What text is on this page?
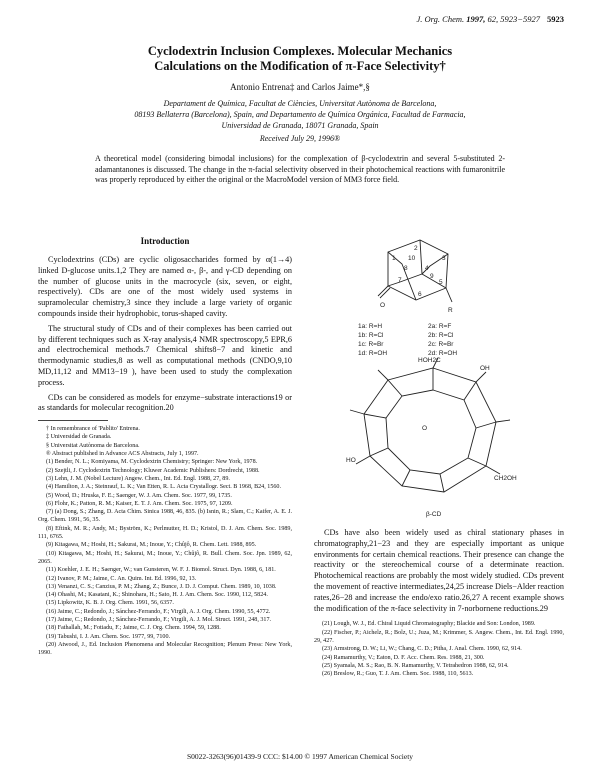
J. Org. Chem. 1997, 62, 5923−5927 5923
Cyclodextrin Inclusion Complexes. Molecular Mechanics
Calculations on the Modification of π-Face Selectivity†
Antonio Entrena‡ and Carlos Jaime*,§
Departament de Química, Facultat de Ciències, Universitat Autònoma de Barcelona,
08193 Bellaterra (Barcelona), Spain, and Departamento de Química Orgánica, Facultad de Farmacia,
Universidad de Granada, 18071 Granada, Spain
Received July 29, 1996®
A theoretical model (considering bimodal inclusions) for the complexation of β-cyclodextrin and several 5-substituted 2-adamantanones is discussed. The change in the π-facial selectivity observed in their photochemical reactions with fumaronitrile was properly reproduced by either the original or the MacroModel version of MM3 force field.
Introduction

Cyclodextrins (CDs) are cyclic oligosaccharides formed by α(1→4) linked D-glucose units.1,2 They are named α-, β-, and γ-CD depending on the number of glucose units in the macrocycle (six, seven, or eight, respectively). CDs are one of the most widely used systems in supramolecular chemistry,3 since they include a large variety of organic compounds inside their hydrophobic, torus-shaped cavity.

The structural study of CDs and of their complexes has been carried out by different techniques such as X-ray analysis,4 NMR spectroscopy,5 EPR,6 and electrochemical methods.7 Chemical shifts8−7 and kinetic and thermodynamic studies,8 as well as computational methods (CNDO,9,10 MD,11,12 and MM13−19 ), have been used to study the complexation process.

CDs can be considered as models for enzyme−substrate interactions19 or as standards for molecular recognition.20

† In remembrance of 'Pablito' Entrena.
‡ Universidad de Granada.
§ Universitat Autònoma de Barcelona.
® Abstract published in Advance ACS Abstracts, July 1, 1997.
(1) Bender, N. L.; Komiyama, M. Cyclodextrin Chemistry; Springer: New York, 1978.
(2) Szejtli, J. Cyclodextrin Technology; Kluwer Academic Publishers: Dordrecht, 1988.
(3) Lehn, J. M. (Nobel Lecture) Angew. Chem., Int. Ed. Engl. 1988, 27, 89.
(4) Hamilton, J. A.; Steinrauf, L. K.; Van Etten, R. L. Acta Crystallogr. Sect. B 1968, B24, 1560.
(5) Wood, D.; Hruska, F. E.; Saenger, W. J. Am. Chem. Soc. 1977, 99, 1735.
(6) Flohr, K.; Patton, R. M.; Kaiser, E. T. J. Am. Chem. Soc. 1975, 97, 1209.
(7) (a) Dong, S.; Zhang, D. Acta Chim. Sinica 1988, 46, 835. (b) Isnin, R.; Slam, C.; Kaifer, A. E. J. Org. Chem. 1991, 56, 35.
(8) Eftink, M. R.; Andy, M.; Byström, K.; Perlmutter, H. D.; Kristol, D. J. Am. Chem. Soc. 1989, 111, 6765.
(9) Kitagawa, M.; Hoshi, H.; Sakurai, M.; Inoue, Y.; Chûjô, R. Chem. Lett. 1988, 895.
(10) Kitagawa, M.; Hoshi, H.; Sakurai, M.; Inoue, Y.; Chûjô, R. Bull. Chem. Soc. Jpn. 1989, 62, 2065.
(11) Koehler, J. E. H.; Saenger, W.; van Gunsteren, W. F. J. Biomol. Struct. Dyn. 1988, 6, 181.
(12) Ivanov, P. M.; Jaime, C. An. Quim. Int. Ed. 1996, 92, 13.
(13) Venanzi, C. S.; Canzius, P. M.; Zhang, Z.; Bunce, J. D. J. Comput. Chem. 1989, 10, 1038.
(14) Ohashi, M.; Kasatani, K.; Shinohara, H.; Sato, H. J. Am. Chem. Soc. 1990, 112, 5824.
(15) Lipkowitz, K. B. J. Org. Chem. 1991, 56, 6357.
(16) Jaime, C.; Redondo, J.; Sánchez-Ferrando, F.; Virgili, A. J. Org. Chem. 1990, 55, 4772.
(17) Jaime, C.; Redondo, J.; Sánchez-Ferrando, F.; Virgili, A. J. Mol. Struct. 1991, 248, 317.
(18) Fathallah, M.; Fotiadu, F.; Jaime, C. J. Org. Chem. 1994, 59, 1288.
(19) Tabushi, I. J. Am. Chem. Soc. 1977, 99, 7100.
(20) Atwood, J., Ed. Inclusion Phenomena and Molecular Recognition; Plenum Press: New York, 1990.
O
R
1
2
3
4
5
6
7
8
9
10
1a: R=H	2a: R=F
1b: R=Cl	2b: R=Cl
1c: R=Br	2c: R=Br
1d: R=OH	2d: R=OH
HOH2C
OH
HO
CH2OH
O
β-CD

CDs have also been widely used as chiral stationary phases in chromatography,21−23 and they are especially important as unique environments for certain chemical reactions. Their presence can change the reactivity or the stereochemical course of a determinate reaction. Photochemical reactions are probably the most widely studied. CDs prevent the movement of reactive intermediates,24,25 increase Diels−Alder reaction rates,26−28 and increase the endo/exo ratio.26,27 A recent example shows the modification of the π-face selectivity in 7-norbornene reductions.29

(21) Lough, W. J., Ed. Chiral Liquid Chromatography; Blackie and Son: London, 1989.
(22) Fischer, P.; Aichelz, R.; Bolz, U.; Juza, M.; Krimmer, S. Angew. Chem., Int. Ed. Engl. 1990, 29, 427.
(23) Armstrong, D. W.; Li, W.; Chang, C. D.; Pitha, J. Anal. Chem. 1990, 62, 914.
(24) Ramamurthy, V.; Eaton, D. F. Acc. Chem. Res. 1988, 21, 300.
(25) Syamala, M. S.; Rao, B. N. Ramamurthy, V. Tetrahedron 1988, 62, 914.
(26) Breslow, R.; Guo, T. J. Am. Chem. Soc. 1988, 110, 5613.
S0022-3263(96)01439-9 CCC: $14.00 © 1997 American Chemical Society
